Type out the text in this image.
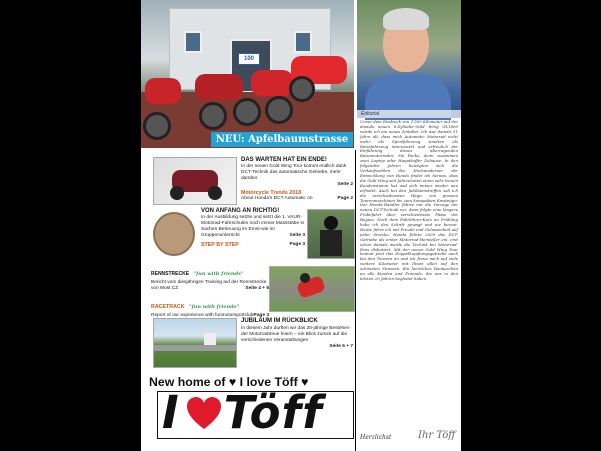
100
NEU: Apfelbaumstrasse 28
Editorial
DAS WARTEN HAT EIN ENDE!
In der neuen Gold Wing Tour kommt endlich dank DCT-Technik das automatische Getriebe, mehr darüber
Seite 2
Motorcycle Trends 2018
About Honda's DCT Automatic on	Page 2
VON ANFANG AN RICHTIG!
In der Ausbildung setzte und setzt die 1. VAUR-Motorrad-Fahrschulen noch immer Massstäbe in Sachen Betreuung im Ernst-wie im Gruppenunterricht	Seite 3
STEP BY STEP	Page 3
RENNSTRECKE "fun with friends"
Bericht vom diesjährigen Training auf der Rennstrecke von Most CZ	Seite 4 + 5
RACETRACK "fun with friends"
Report of our experience with funmotorsportclub Page 3
JUBILÄUM IM RÜCKBLICK
In diesem Jahr durften wir das 20-jährige Bestehen der Motorradtreue feiern – ein Blick zurück auf die verschiedenen Veranstaltungen
Seite 6 + 7
New home of ♥ I love Töff ♥
I Töff
Unser dem Eindruck von 1'500 Kilometer auf der damals neuen 6-Zylinder-Gold Wing GL1800 würde ich ein neues Zeitalter. Ich war damals 51 Jahre alt, dass mich Automatic Motorrad nicht mehr als Sportfahrzeug sondern als Reisefahrzeug interessiert und erfreulich der Einführung dieses überragenden Reisemotorrades, Sie Packs, denn zusammen zwei Laptop oder Hauptkoffer Zuhause. In den folgenden Jahren bewegten sich die Verkaufszahlen des Hochmoderner der Entwicklung von Honda findet ich heraus, dass die Gold Wing seit Jahrzehnten einen sehr treuen Kundenstamm hat und sich immer wieder neu erfindet. Auch bei den Jubiläumstreffen sah ich die verschiedensten Wege, von grossen Tourenmaschinen bis zum kompakten Einsteiger. Der Honda-Händler führte mir die Vorzüge der neuen DCT-Technik vor, dann folgte eine längere Probefahrt über verschiedenste Pässe der Region. Nach dem Fahrlehrer-Kurs im Frühling habe ich den Schritt gewagt und nie bereut. Heute fahre ich mit Freude und Gelassenheit auf jeder Strecke. Honda führte 2009 das DCT-Getriebe als erster Motorrad-Hersteller ein, erst schon damals wurde die Technik bei Motorrad-Fans diskutiert. Mit der neuen Gold Wing Tour kommt jetzt das Doppelkupplungsgetriebe auch bei den Tourern an und ich freue mich auf viele weitere Kilometer mit Ihnen allen auf den schönsten Strassen. Ein herzliches Dankeschön an alle Kunden und Freunde, die uns in den letzten 20 Jahren begleitet haben.
Herzlichst	Ihr Töff
